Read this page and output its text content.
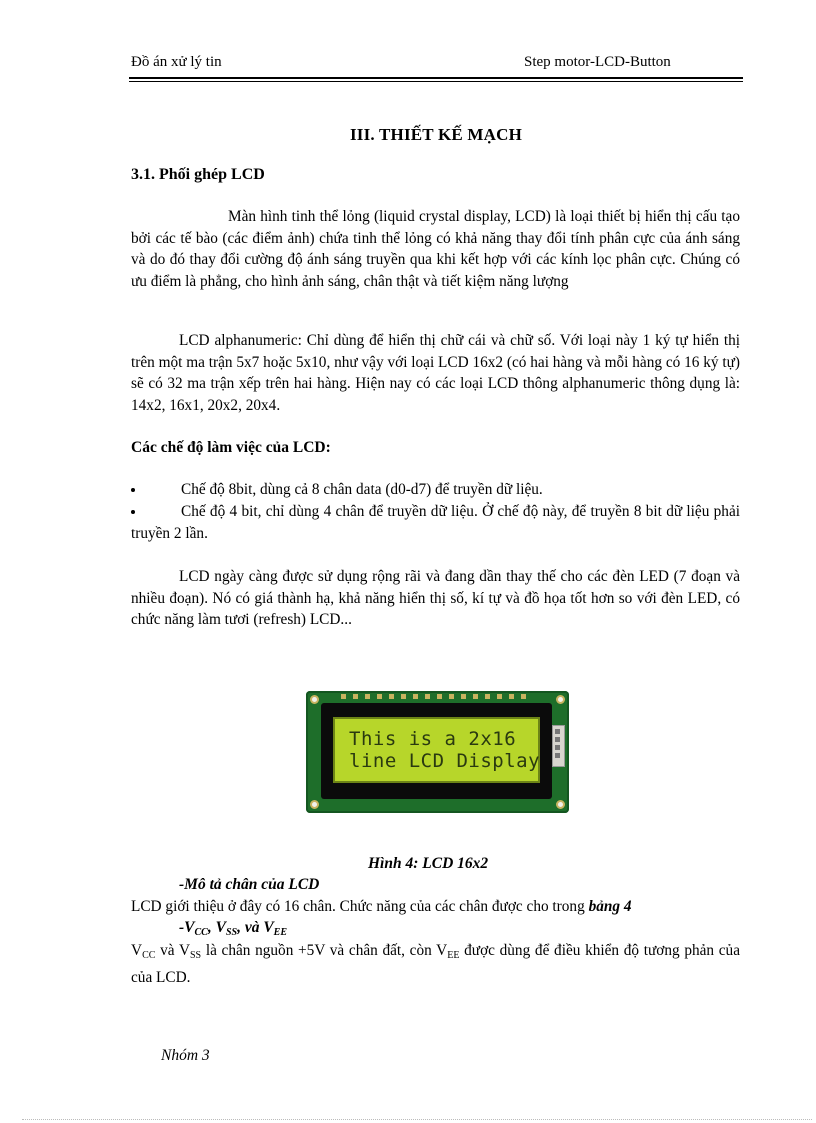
Đồ án xử lý tin	Step motor-LCD-Button
III. THIẾT KẾ MẠCH
3.1. Phối ghép LCD

Màn hình tinh thể lỏng (liquid crystal display, LCD) là loại thiết bị hiển thị cấu tạo bởi các tế bào (các điểm ảnh) chứa tinh thể lỏng có khả năng thay đổi tính phân cực của ánh sáng và do đó thay đổi cường độ ánh sáng truyền qua khi kết hợp với các kính lọc phân cực. Chúng có ưu điểm là phẳng, cho hình ảnh sáng, chân thật và tiết kiệm năng lượng

LCD alphanumeric: Chỉ dùng để hiển thị chữ cái và chữ số. Với loại này 1 ký tự hiển thị trên một ma trận 5x7 hoặc 5x10, như vậy với loại LCD 16x2 (có hai hàng và mỗi hàng có 16 ký tự) sẽ có 32 ma trận xếp trên hai hàng. Hiện nay có các loại LCD thông alphanumeric thông dụng là: 14x2, 16x1, 20x2, 20x4.

Các chế độ làm việc của LCD:
Chế độ 8bit, dùng cả 8 chân data (d0-d7) để truyền dữ liệu.
Chế độ 4 bit, chỉ dùng 4 chân để truyền dữ liệu. Ở chế độ này, để truyền 8 bit dữ liệu phải truyền 2 lần.

LCD ngày càng được sử dụng rộng rãi và đang dần thay thế cho các đèn LED (7 đoạn và nhiều đoạn). Nó có giá thành hạ, khả năng hiển thị số, kí tự và đồ họa tốt hơn so với đèn LED, có chức năng làm tươi (refresh) LCD...

This is a 2x16
line LCD Display
Hình 4: LCD 16x2
-Mô tả chân của LCD
LCD giới thiệu ở đây có 16 chân. Chức năng của các chân được cho trong bảng 4
$-V_{CC}$, $V_{SS}$, và $V_{EE}$

$V_{CC}$ và $V_{SS}$ là chân nguồn +5V và chân đất, còn $V_{EE}$ được dùng để điều khiển độ tương phản của của LCD.

Nhóm 3
